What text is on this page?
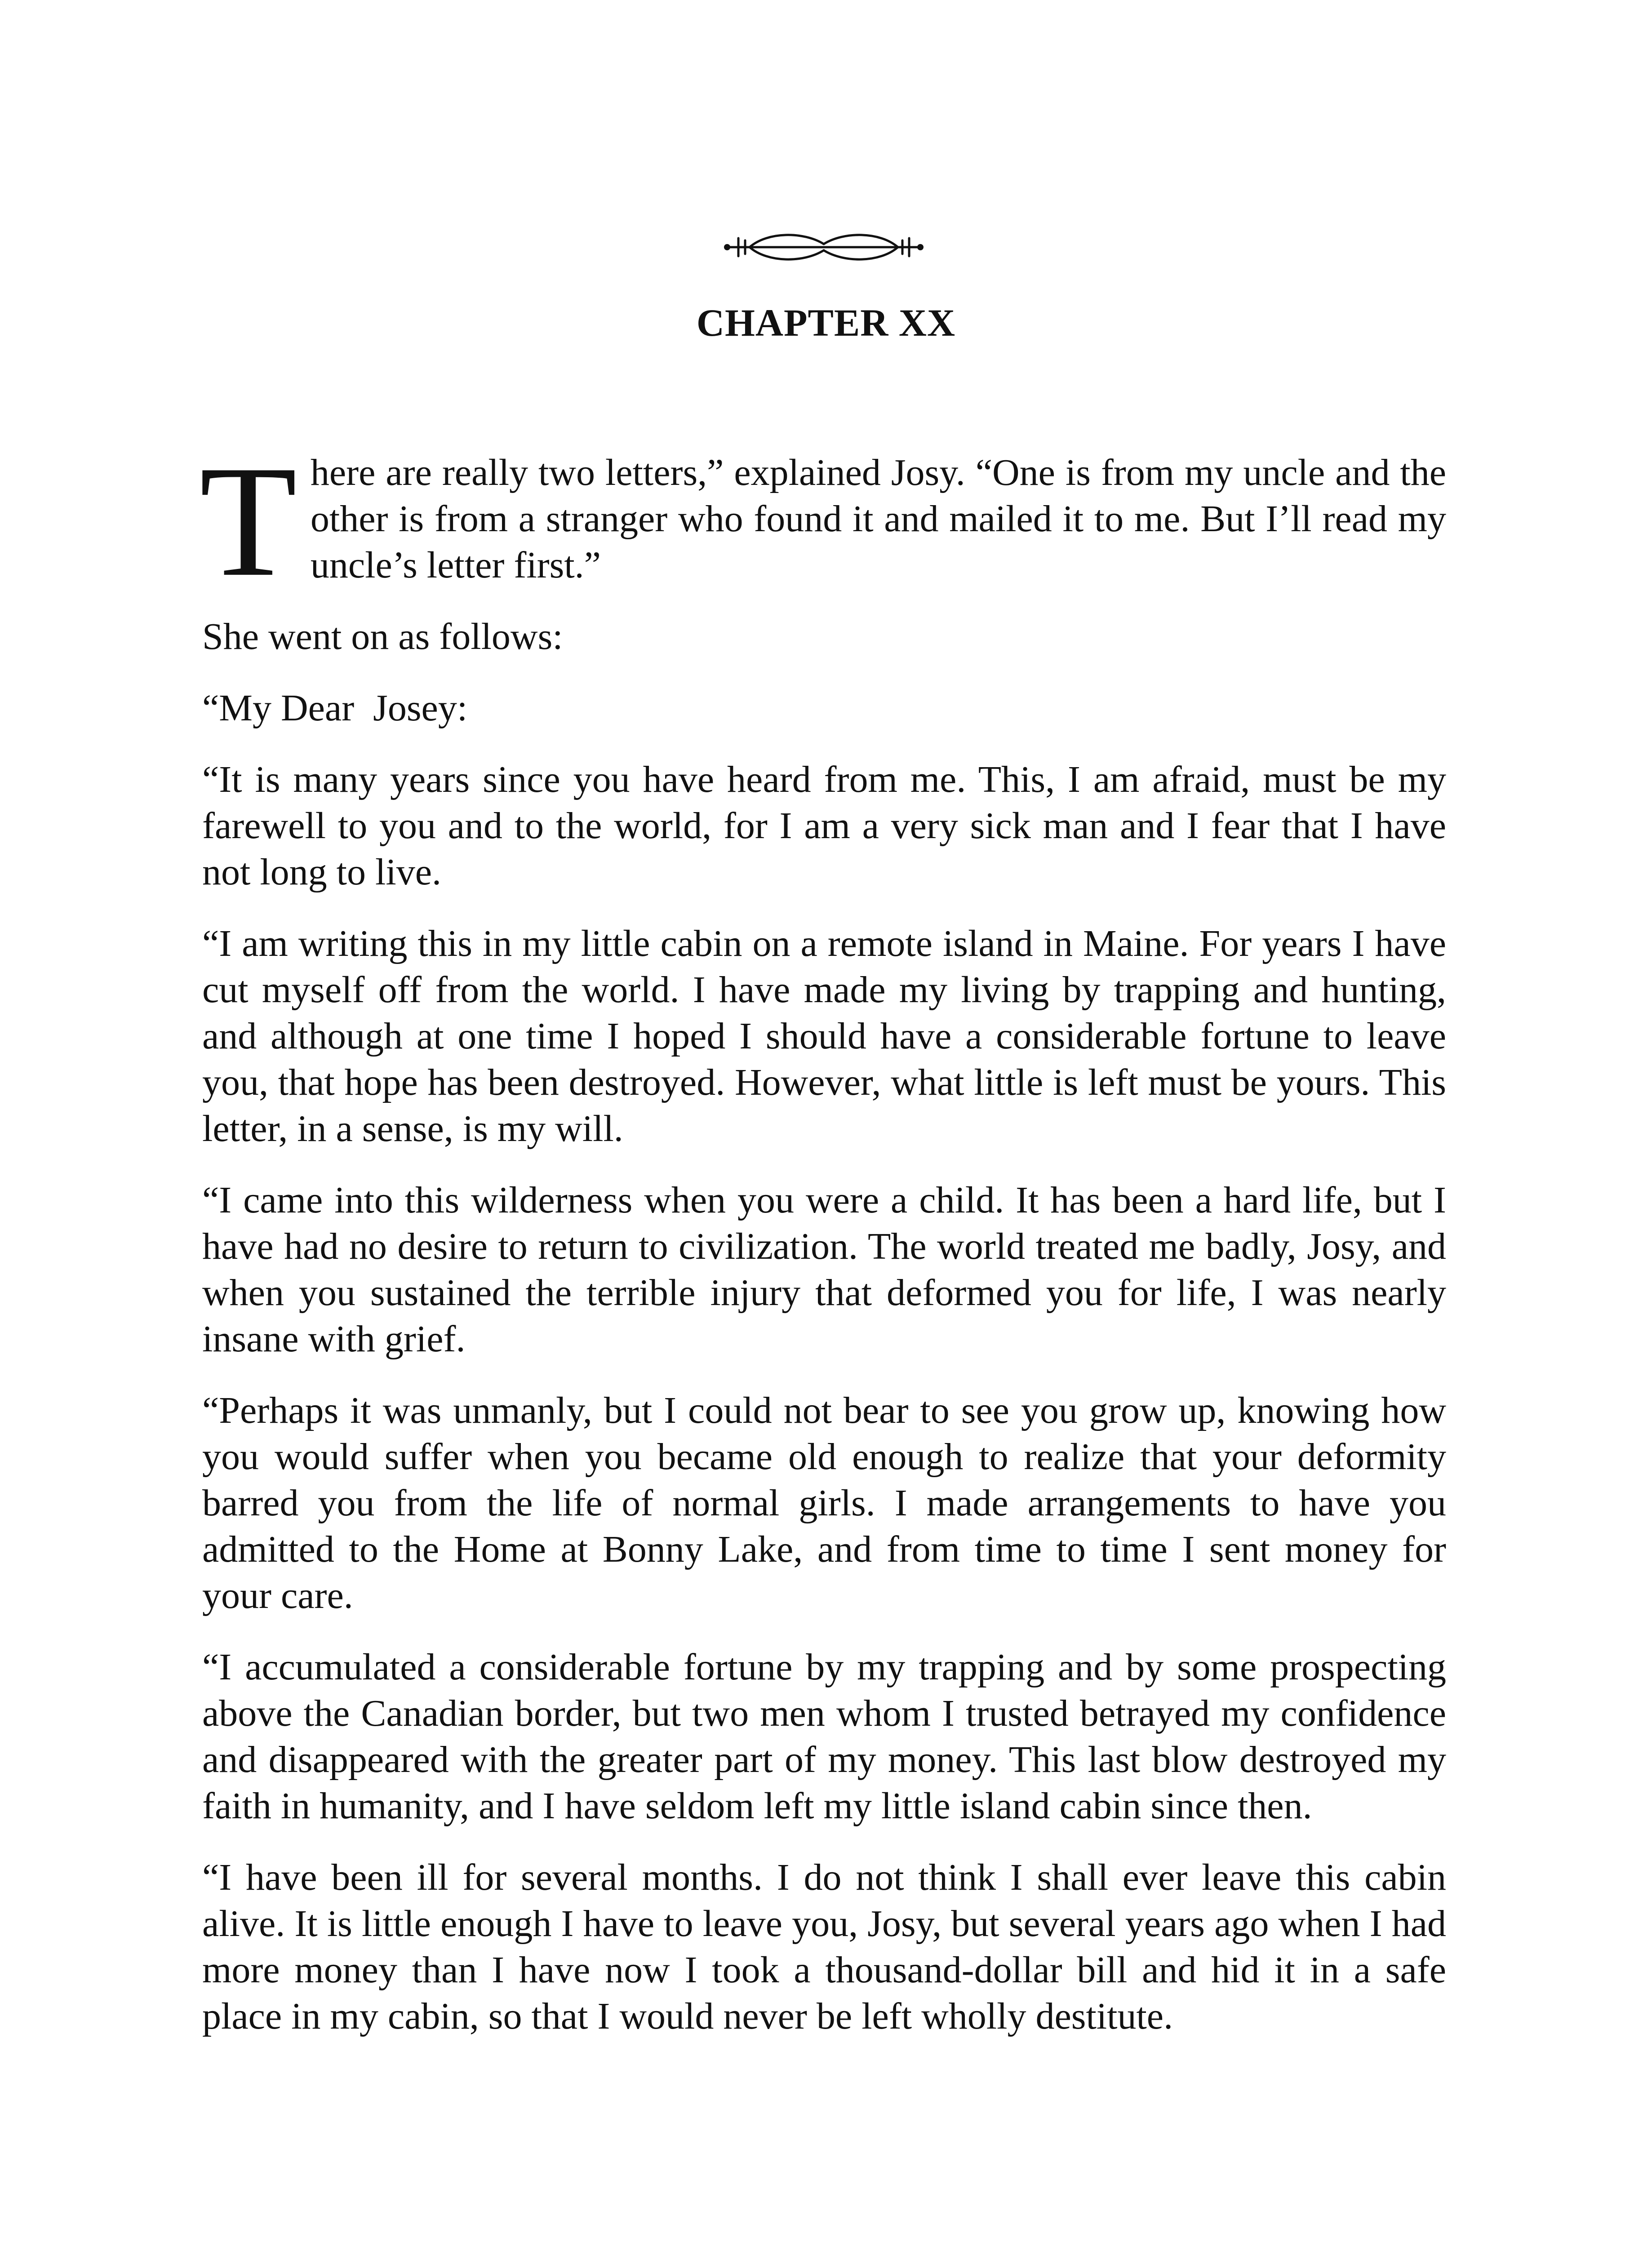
CHAPTER XX

T here are really two letters,” explained Josy. “One is from my uncle and the other is from a stranger who found it and mailed it to me. But I’ll read my uncle’s letter first.”

She went on as follows:

“My Dear  Josey:

“It is many years since you have heard from me. This, I am afraid, must be my farewell to you and to the world, for I am a very sick man and I fear that I have not long to live.

“I am writing this in my little cabin on a remote island in Maine. For years I have cut myself off from the world. I have made my living by trapping and hunting, and although at one time I hoped I should have a considerable fortune to leave you, that hope has been destroyed. However, what little is left must be yours. This letter, in a sense, is my will.

“I came into this wilderness when you were a child. It has been a hard life, but I have had no desire to return to civilization. The world treated me badly, Josy, and when you sustained the terrible injury that deformed you for life, I was nearly insane with grief.

“Perhaps it was unmanly, but I could not bear to see you grow up, knowing how you would suffer when you became old enough to realize that your deformity barred you from the life of normal girls. I made arrangements to have you admitted to the Home at Bonny Lake, and from time to time I sent money for your care.

“I accumulated a considerable fortune by my trapping and by some prospecting above the Canadian border, but two men whom I trusted betrayed my confidence and disappeared with the greater part of my money. This last blow destroyed my faith in humanity, and I have seldom left my little island cabin since then.

“I have been ill for several months. I do not think I shall ever leave this cabin alive. It is little enough I have to leave you, Josy, but several years ago when I had more money than I have now I took a thousand-dollar bill and hid it in a safe place in my cabin, so that I would never be left wholly destitute.
